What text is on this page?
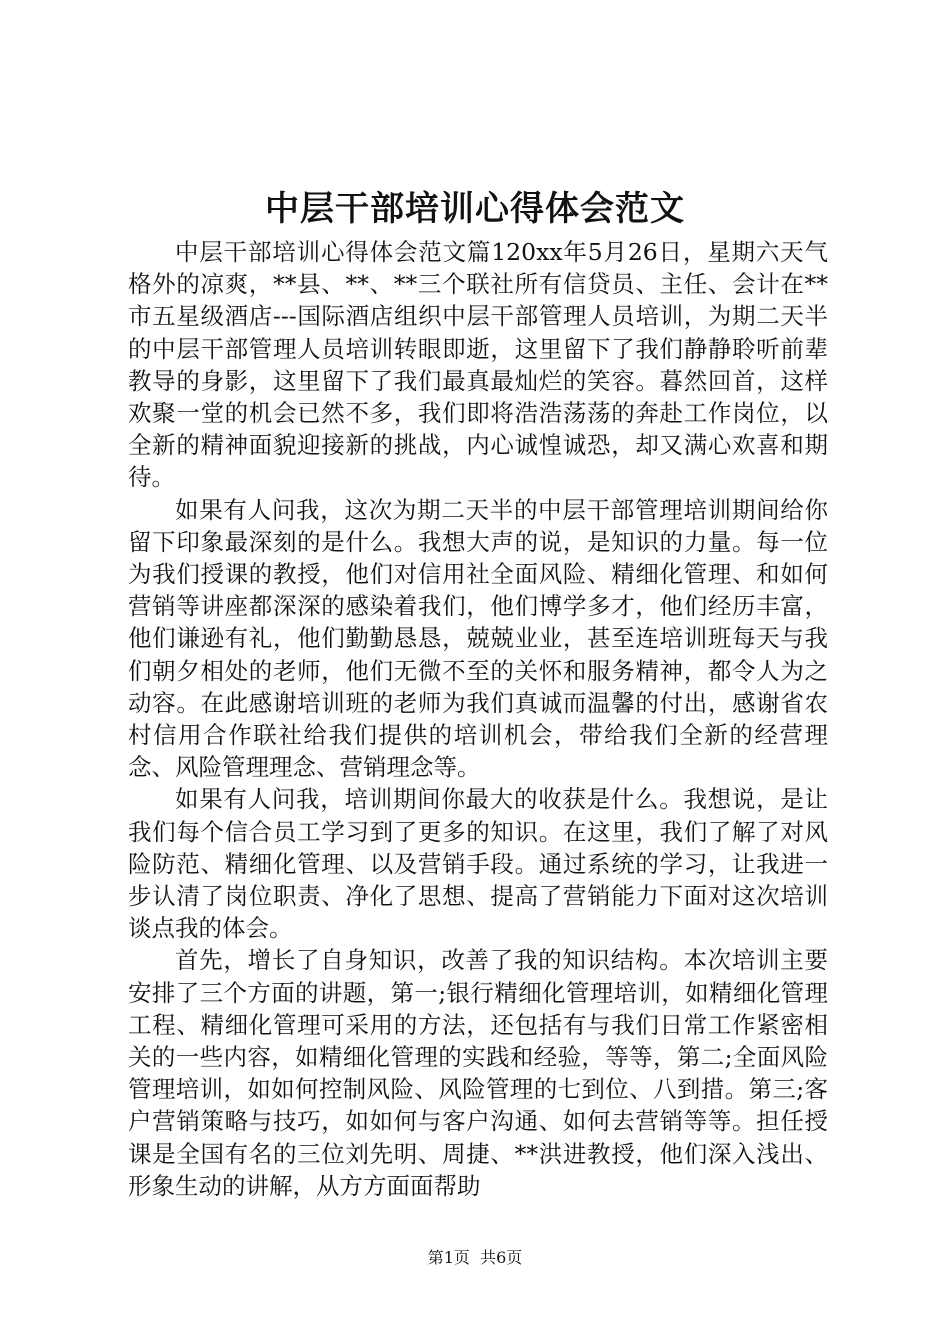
中层干部培训心得体会范文

中层干部培训心得体会范文篇120xx年5月26日，星期六天气格外的凉爽，**县、**、**三个联社所有信贷员、主任、会计在**市五星级酒店---国际酒店组织中层干部管理人员培训，为期二天半的中层干部管理人员培训转眼即逝，这里留下了我们静静聆听前辈教导的身影，这里留下了我们最真最灿烂的笑容。暮然回首，这样欢聚一堂的机会已然不多，我们即将浩浩荡荡的奔赴工作岗位，以全新的精神面貌迎接新的挑战，内心诚惶诚恐，却又满心欢喜和期待。

如果有人问我，这次为期二天半的中层干部管理培训期间给你留下印象最深刻的是什么。我想大声的说，是知识的力量。每一位为我们授课的教授，他们对信用社全面风险、精细化管理、和如何营销等讲座都深深的感染着我们，他们博学多才，他们经历丰富，他们谦逊有礼，他们勤勤恳恳，兢兢业业，甚至连培训班每天与我们朝夕相处的老师，他们无微不至的关怀和服务精神，都令人为之动容。在此感谢培训班的老师为我们真诚而温馨的付出，感谢省农村信用合作联社给我们提供的培训机会，带给我们全新的经营理念、风险管理理念、营销理念等。

如果有人问我，培训期间你最大的收获是什么。我想说，是让我们每个信合员工学习到了更多的知识。在这里，我们了解了对风险防范、精细化管理、以及营销手段。通过系统的学习，让我进一步认清了岗位职责、净化了思想、提高了营销能力下面对这次培训谈点我的体会。

首先，增长了自身知识，改善了我的知识结构。本次培训主要安排了三个方面的讲题，第一;银行精细化管理培训，如精细化管理工程、精细化管理可采用的方法，还包括有与我们日常工作紧密相关的一些内容，如精细化管理的实践和经验，等等，第二;全面风险管理培训，如如何控制风险、风险管理的七到位、八到措。第三;客户营销策略与技巧，如如何与客户沟通、如何去营销等等。担任授课是全国有名的三位刘先明、周捷、**洪进教授，他们深入浅出、形象生动的讲解，从方方面面帮助

第1页 共6页
